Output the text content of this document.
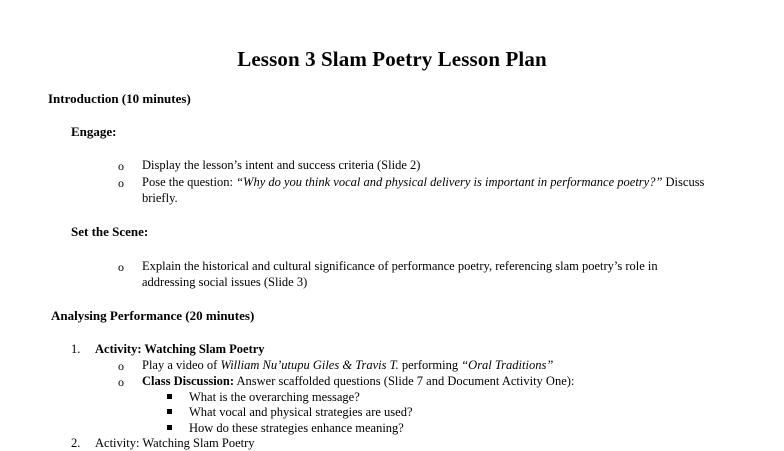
Lesson 3 Slam Poetry Lesson Plan
Introduction (10 minutes)
Engage:
o Display the lesson’s intent and success criteria (Slide 2)
o Pose the question: “Why do you think vocal and physical delivery is important in performance poetry?” Discuss
briefly.
Set the Scene:
o Explain the historical and cultural significance of performance poetry, referencing slam poetry’s role in
addressing social issues (Slide 3)
Analysing Performance (20 minutes)
1. Activity: Watching Slam Poetry
o Play a video of William Nu’utupu Giles & Travis T. performing “Oral Traditions”
o Class Discussion: Answer scaffolded questions (Slide 7 and Document Activity One):
What is the overarching message?
What vocal and physical strategies are used?
How do these strategies enhance meaning?
2. Activity: Watching Slam Poetry
